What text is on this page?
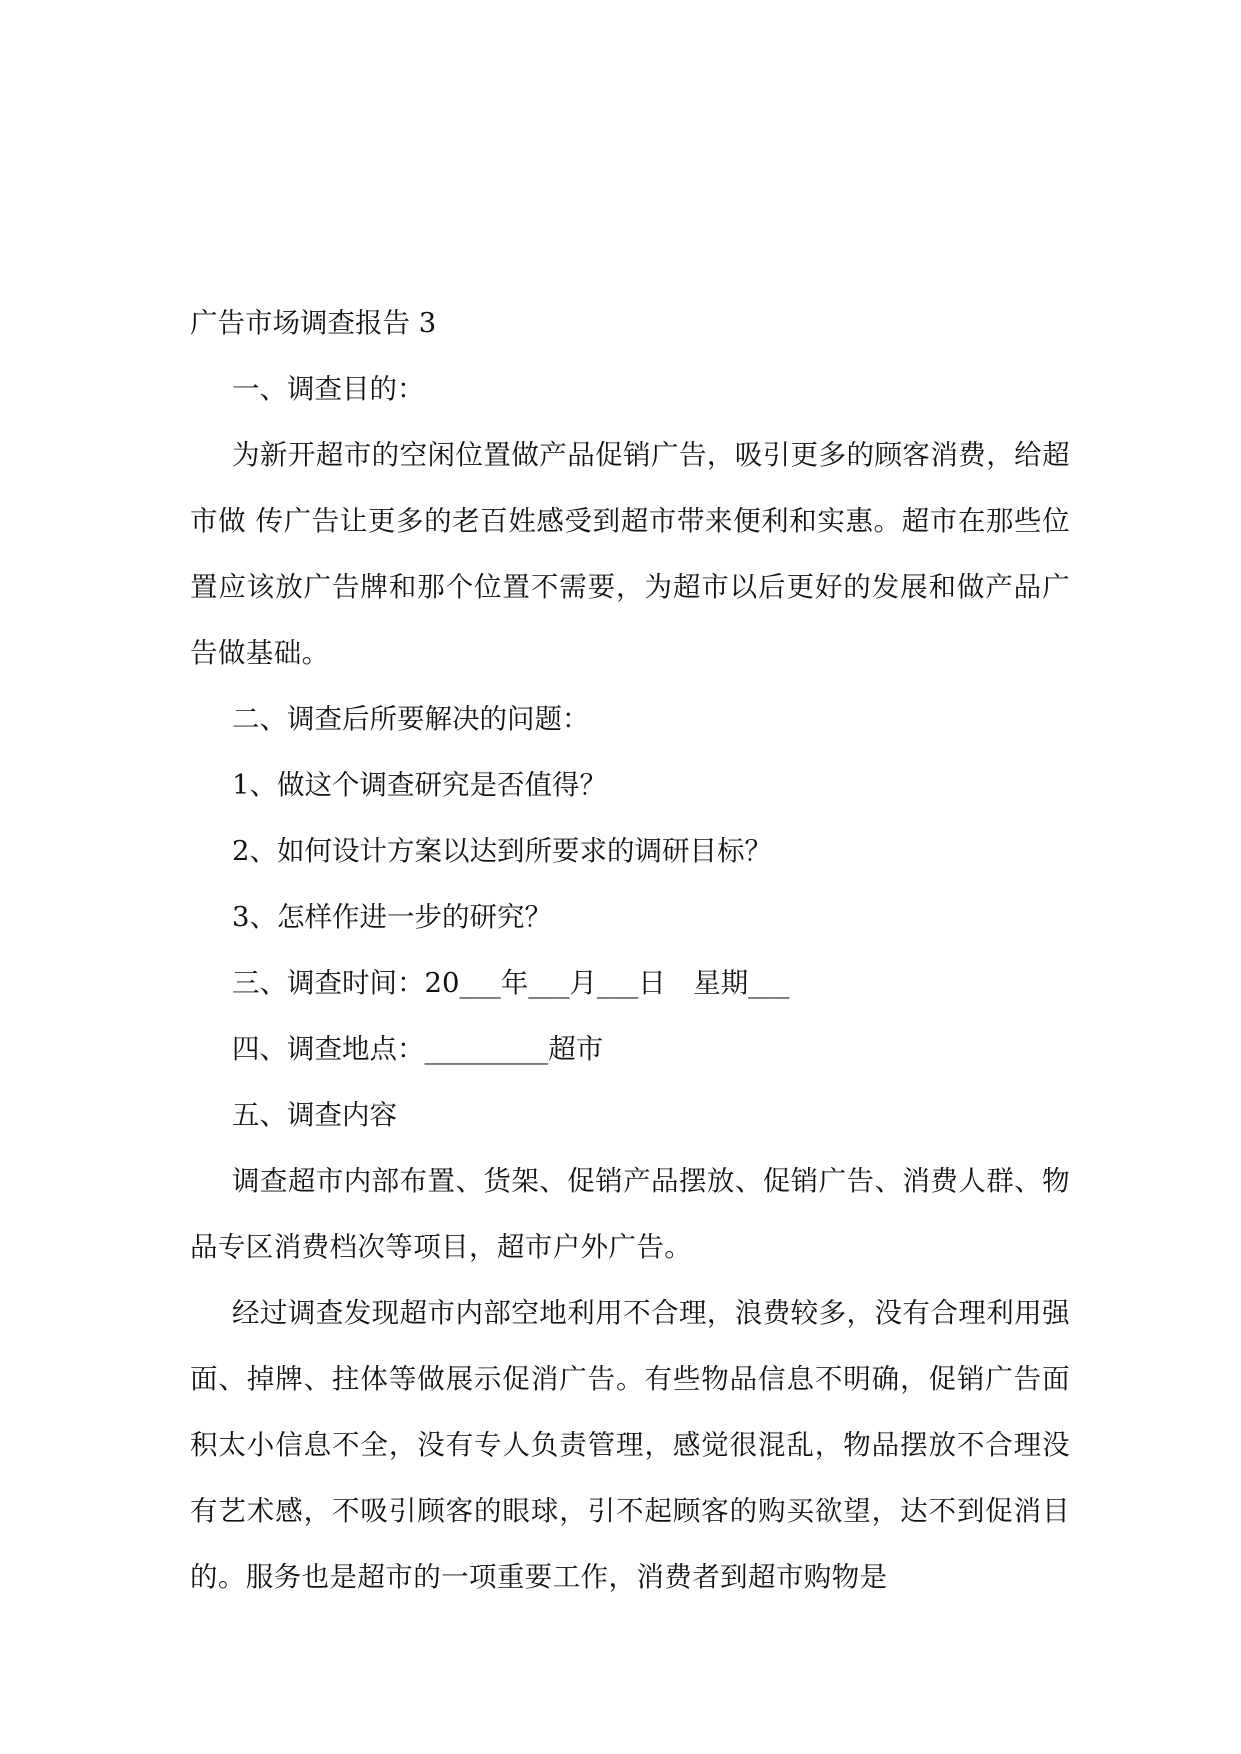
广告市场调查报告 3

一、调查目的：

为新开超市的空闲位置做产品促销广告，吸引更多的顾客消费，给超市做 传广告让更多的老百姓感受到超市带来便利和实惠。超市在那些位置应该放广告牌和那个位置不需要，为超市以后更好的发展和做产品广告做基础。

二、调查后所要解决的问题：

1、做这个调查研究是否值得？

2、如何设计方案以达到所要求的调研目标？

3、怎样作进一步的研究？

三、调查时间：20___年___月___日　星期___

四、调查地点：_________超市

五、调查内容

调查超市内部布置、货架、促销产品摆放、促销广告、消费人群、物品专区消费档次等项目，超市户外广告。

经过调查发现超市内部空地利用不合理，浪费较多，没有合理利用强面、掉牌、拄体等做展示促消广告。有些物品信息不明确，促销广告面积太小信息不全，没有专人负责管理，感觉很混乱，物品摆放不合理没有艺术感，不吸引顾客的眼球，引不起顾客的购买欲望，达不到促消目的。服务也是超市的一项重要工作，消费者到超市购物是
